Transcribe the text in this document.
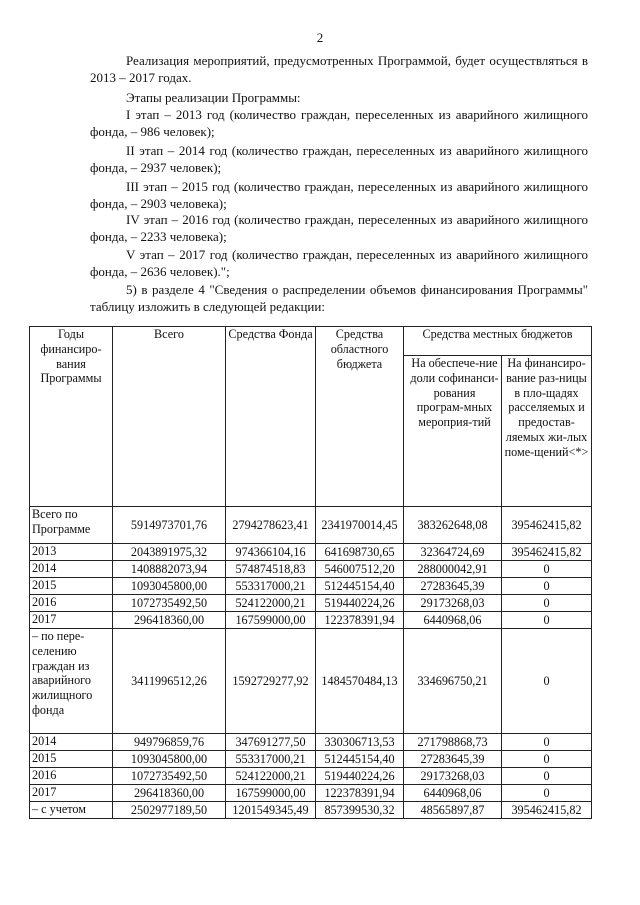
2

Реализация мероприятий, предусмотренных Программой, будет осуществляться в 2013 – 2017 годах.

Этапы реализации Программы:

I этап – 2013 год (количество граждан, переселенных из аварийного жилищного фонда, – 986 человек);

II этап – 2014 год (количество граждан, переселенных из аварийного жилищного фонда, – 2937 человек);

III этап – 2015 год (количество граждан, переселенных из аварийного жилищного фонда, – 2903 человека);

IV этап – 2016 год (количество граждан, переселенных из аварийного жилищного фонда, – 2233 человека);

V этап – 2017 год (количество граждан, переселенных из аварийного жилищного фонда, – 2636 человек).";

5) в разделе 4 "Сведения о распределении объемов финансирования Программы" таблицу изложить в следующей редакции:

Годы финансиро-вания Программы	Всего	Средства Фонда	Средства областного бюджета	Средства местных бюджетов	
				На обеспече-ние доли софинанси-рования програм-мных мероприя-тий	На финансиро-вание раз-ницы в пло-щадях расселяемых и предостав-ляемых жи-лых поме-щений<*>
Всего по Программе	5914973701,76	2794278623,41	2341970014,45	383262648,08	395462415,82
2013	2043891975,32	974366104,16	641698730,65	32364724,69	395462415,82
2014	1408882073,94	574874518,83	546007512,20	288000042,91	0
2015	1093045800,00	553317000,21	512445154,40	27283645,39	0
2016	1072735492,50	524122000,21	519440224,26	29173268,03	0
2017	296418360,00	167599000,00	122378391,94	6440968,06	0
– по пере-селению граждан из аварийного жилищного фонда	3411996512,26	1592729277,92	1484570484,13	334696750,21	0
2014	949796859,76	347691277,50	330306713,53	271798868,73	0
2015	1093045800,00	553317000,21	512445154,40	27283645,39	0
2016	1072735492,50	524122000,21	519440224,26	29173268,03	0
2017	296418360,00	167599000,00	122378391,94	6440968,06	0
– с учетом	2502977189,50	1201549345,49	857399530,32	48565897,87	395462415,82
